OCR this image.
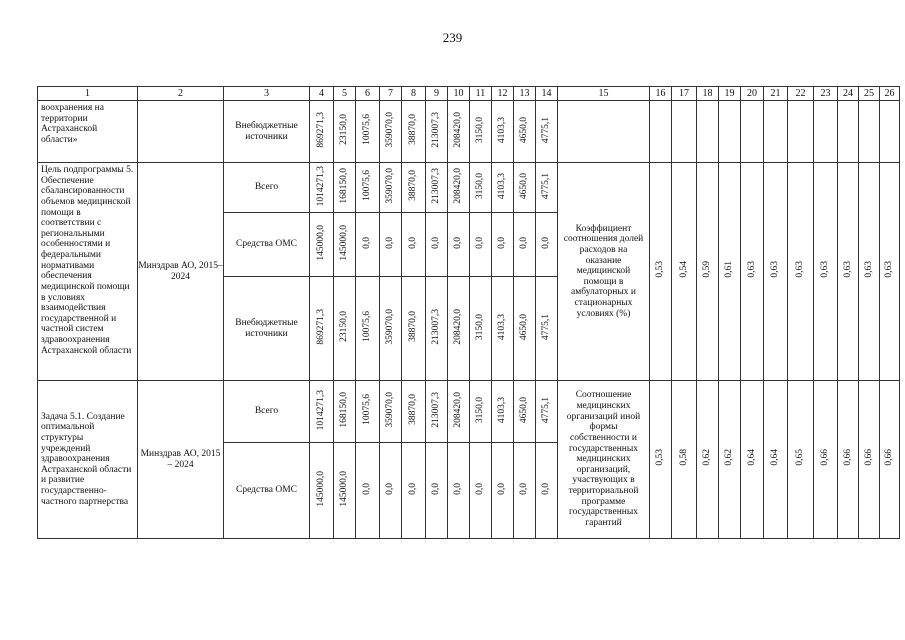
239
1	2	3	4	5	6	7	8	9	10	11	12	13	14	15	16	17	18	19	20	21	22	23	24	25	26
воохранения на территории Астраханской области»		Внебюджетные источники	869271,3	23150,0	10075,6	359070,0	38870,0	213007,3	208420,0	3150,0	4103,3	4650,0	4775,1												
Цель подпрограммы 5. Обеспечение сбалансированности объемов медицинской помощи в соответствии с региональными особенностями и федеральными нормативами обеспечения медицинской помощи в условиях взаимодействия государственной и частной систем здравоохранения Астраханской области	Минздрав АО, 2015–2024	Всего	1014271,3	168150,0	10075,6	359070,0	38870,0	213007,3	208420,0	3150,0	4103,3	4650,0	4775,1	Коэффициент соотношения долей расходов на оказание медицинской помощи в амбулаторных и стационарных условиях (%)	0,53	0,54	0,59	0,61	0,63	0,63	0,63	0,63	0,63	0,63	0,63
		Средства ОМС	145000,0	145000,0	0,0	0,0	0,0	0,0	0,0	0,0	0,0	0,0	0,0												
		Внебюджетные источники	869271,3	23150,0	10075,6	359070,0	38870,0	213007,3	208420,0	3150,0	4103,3	4650,0	4775,1												
Задача 5.1. Создание оптимальной структуры учреждений здравоохранения Астраханской области и развитие государственно-частного партнерства	Минздрав АО, 2015 – 2024	Всего	1014271,3	168150,0	10075,6	359070,0	38870,0	213007,3	208420,0	3150,0	4103,3	4650,0	4775,1	Соотношение медицинских организаций иной формы собственности и государственных медицинских организаций, участвующих в территориальной программе государственных гарантий	0,53	0,58	0,62	0,62	0,64	0,64	0,65	0,66	0,66	0,66	0,66
		Средства ОМС	145000,0	145000,0	0,0	0,0	0,0	0,0	0,0	0,0	0,0	0,0	0,0												
